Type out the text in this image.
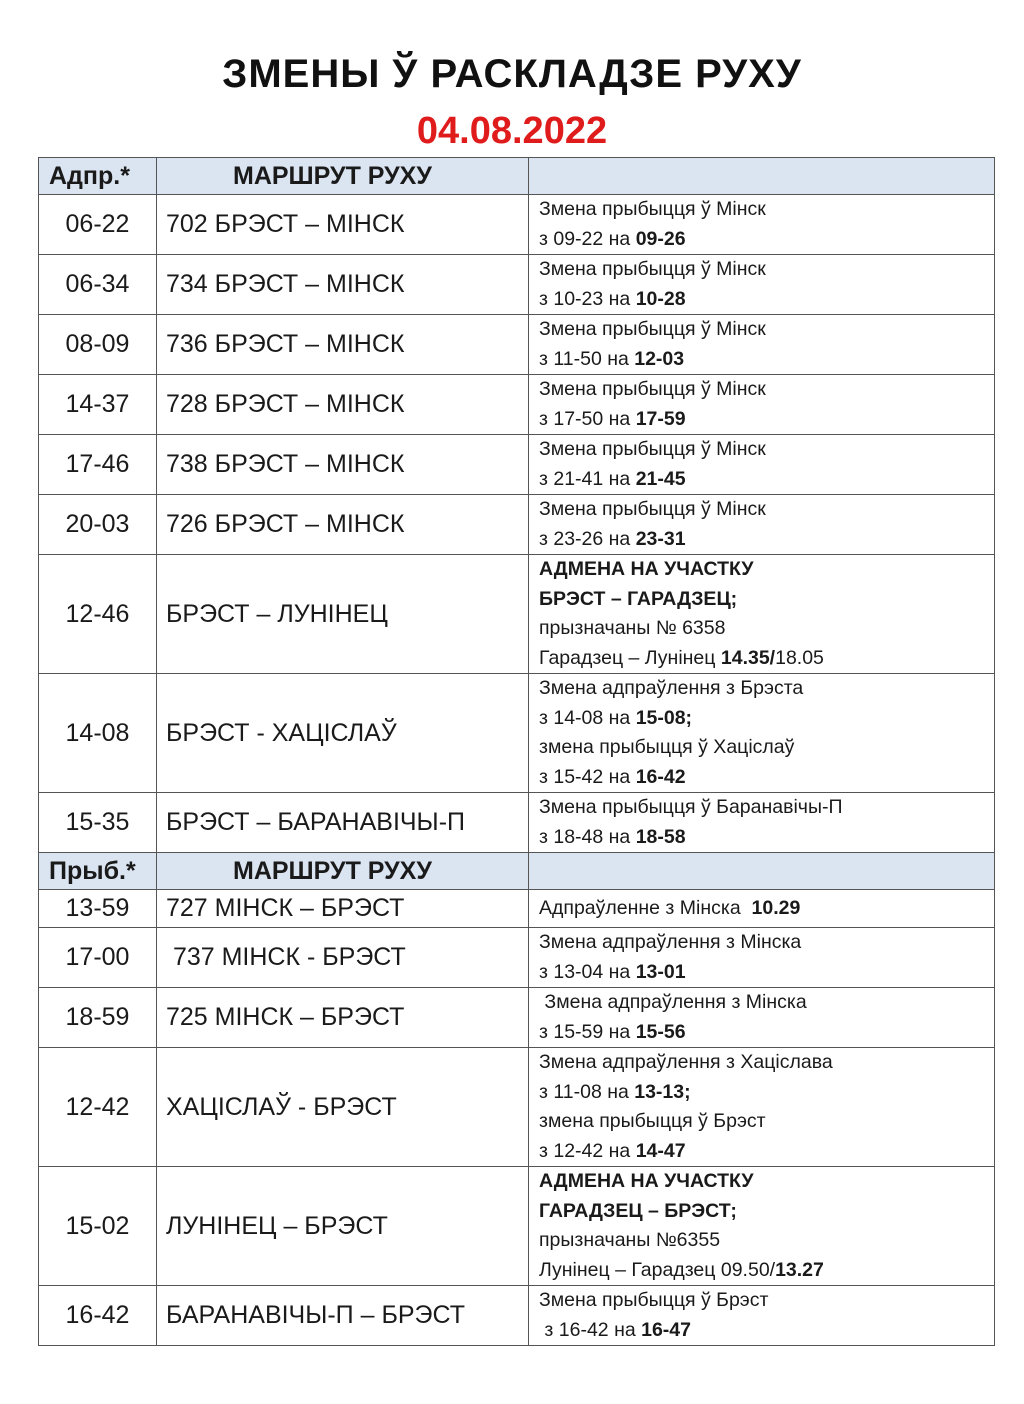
ЗМЕНЫ Ў РАСКЛАДЗЕ РУХУ
04.08.2022
Адпр.*	МАРШРУТ РУХУ	
06-22	702 БРЭСТ – МІНСК	Змена прыбыцця ў Мінск
з 09-22 на 09-26

06-34	734 БРЭСТ – МІНСК	Змена прыбыцця ў Мінск
з 10-23 на 10-28

08-09	736 БРЭСТ – МІНСК	Змена прыбыцця ў Мінск
з 11-50 на 12-03

14-37	728 БРЭСТ – МІНСК	Змена прыбыцця ў Мінск
з 17-50 на 17-59

17-46	738 БРЭСТ – МІНСК	Змена прыбыцця ў Мінск
з 21-41 на 21-45

20-03	726 БРЭСТ – МІНСК	Змена прыбыцця ў Мінск
з 23-26 на 23-31

12-46	БРЭСТ – ЛУНІНЕЦ	АДМЕНА НА УЧАСТКУ
БРЭСТ – ГАРАДЗЕЦ;
прызначаны № 6358
Гарадзец – Лунінец 14.35/18.05

14-08	БРЭСТ - ХАЦІСЛАЎ	Змена адпраўлення з Брэста
з 14-08 на 15-08;
змена прыбыцця ў Хаціслаў
з 15-42 на 16-42

15-35	БРЭСТ – БАРАНАВІЧЫ-П	Змена прыбыцця ў Баранавічы-П
з 18-48 на 18-58

Прыб.*	МАРШРУТ РУХУ	
13-59	727 МІНСК – БРЭСТ	Адпраўленне з Мінска  10.29

17-00	737 МІНСК - БРЭСТ	Змена адпраўлення з Мінска
з 13-04 на 13-01

18-59	725 МІНСК – БРЭСТ	Змена адпраўлення з Мінска
з 15-59 на 15-56

12-42	ХАЦІСЛАЎ - БРЭСТ	Змена адпраўлення з Хаціслава
з 11-08 на 13-13;
змена прыбыцця ў Брэст
з 12-42 на 14-47

15-02	ЛУНІНЕЦ – БРЭСТ	АДМЕНА НА УЧАСТКУ
ГАРАДЗЕЦ – БРЭСТ;
прызначаны №6355
Лунінец – Гарадзец 09.50/13.27

16-42	БАРАНАВІЧЫ-П – БРЭСТ	Змена прыбыцця ў Брэст
з 16-42 на 16-47
